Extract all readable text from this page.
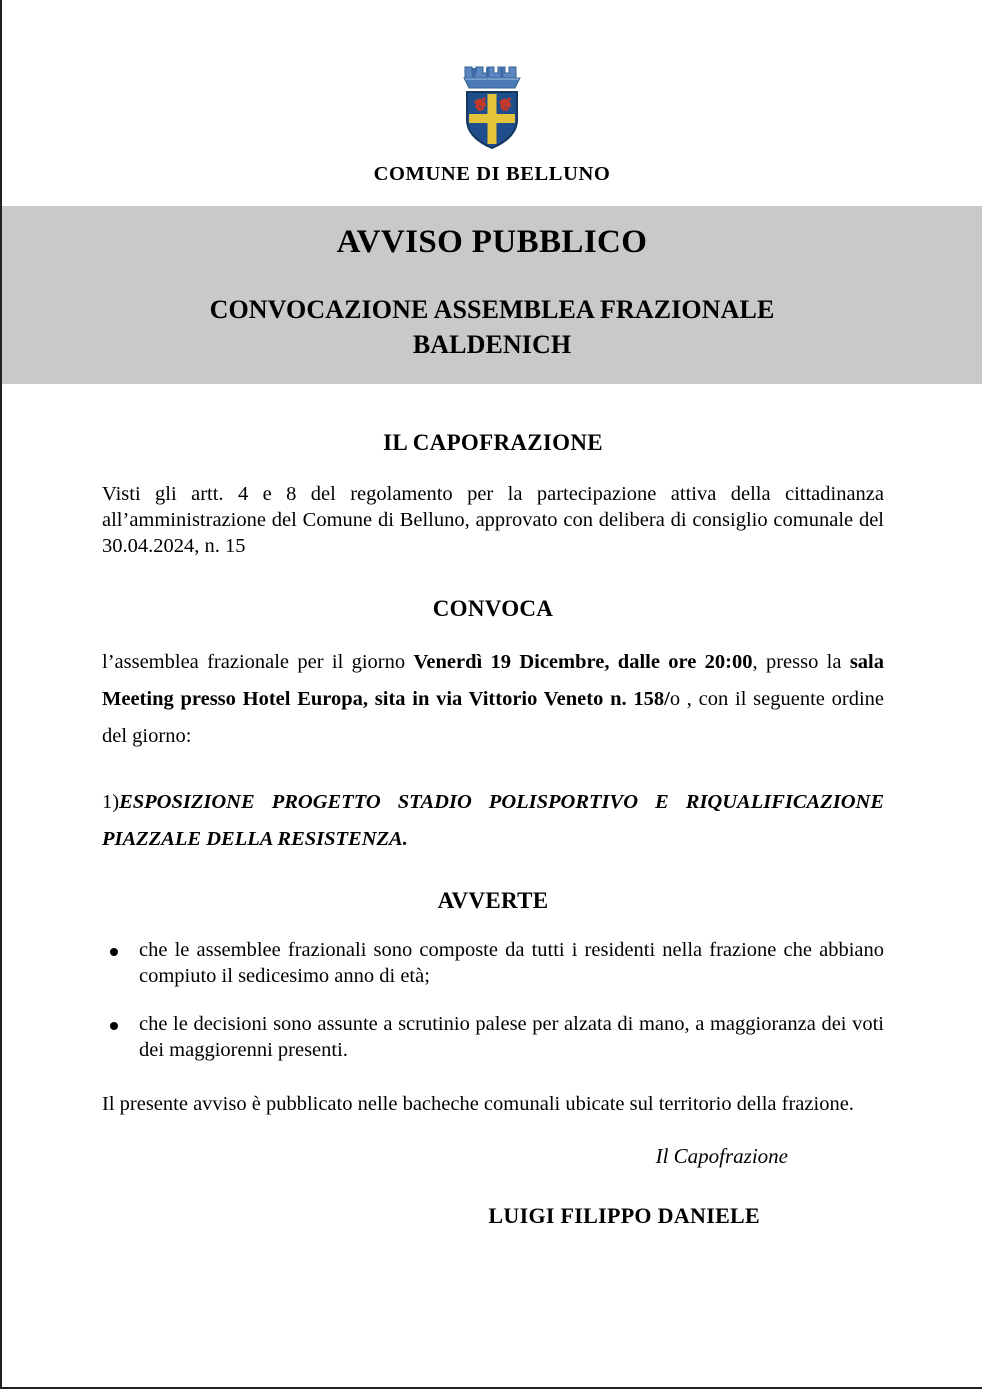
COMUNE DI BELLUNO
AVVISO PUBBLICO
CONVOCAZIONE ASSEMBLEA FRAZIONALE
BALDENICH
IL CAPOFRAZIONE

Visti gli artt. 4 e 8 del regolamento per la partecipazione attiva della cittadinanza all’amministrazione del Comune di Belluno, approvato con delibera di consiglio comunale del 30.04.2024, n. 15

CONVOCA

l’assemblea frazionale per il giorno Venerdì 19 Dicembre, dalle ore 20:00, presso la sala Meeting presso Hotel Europa, sita in via Vittorio Veneto n. 158/o , con il seguente ordine del giorno:

1)ESPOSIZIONE PROGETTO STADIO POLISPORTIVO E RIQUALIFICAZIONE PIAZZALE DELLA RESISTENZA.

AVVERTE
che le assemblee frazionali sono composte da tutti i residenti nella frazione che abbiano compiuto il sedicesimo anno di età;
che le decisioni sono assunte a scrutinio palese per alzata di mano, a maggioranza dei voti dei maggiorenni presenti.

Il presente avviso è pubblicato nelle bacheche comunali ubicate sul territorio della frazione.

Il Capofrazione
LUIGI FILIPPO DANIELE
